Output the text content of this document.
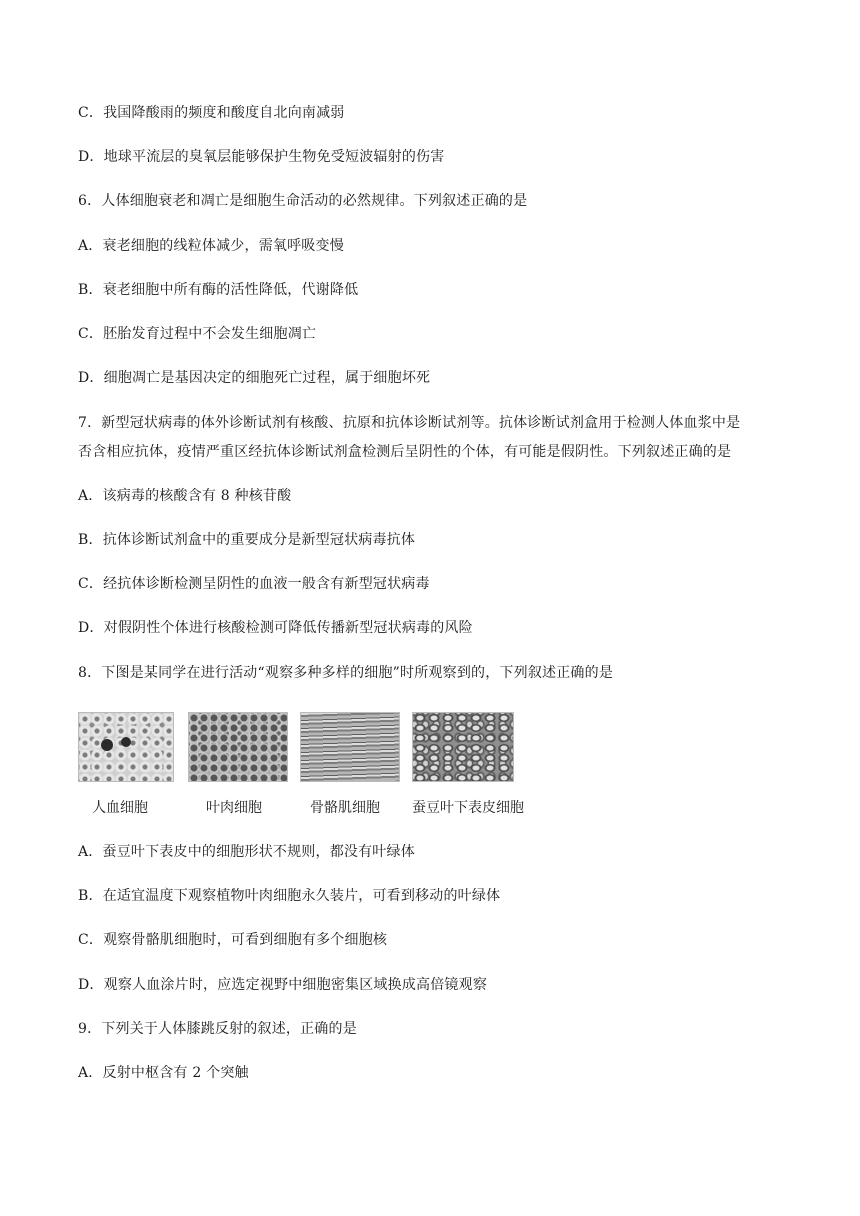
C．我国降酸雨的频度和酸度自北向南减弱
D．地球平流层的臭氧层能够保护生物免受短波辐射的伤害
6．人体细胞衰老和凋亡是细胞生命活动的必然规律。下列叙述正确的是
A．衰老细胞的线粒体减少，需氧呼吸变慢
B．衰老细胞中所有酶的活性降低，代谢降低
C．胚胎发育过程中不会发生细胞凋亡
D．细胞凋亡是基因决定的细胞死亡过程，属于细胞坏死
7．新型冠状病毒的体外诊断试剂有核酸、抗原和抗体诊断试剂等。抗体诊断试剂盒用于检测人体血浆中是
否含相应抗体，疫情严重区经抗体诊断试剂盒检测后呈阴性的个体，有可能是假阴性。下列叙述正确的是
A．该病毒的核酸含有 8 种核苷酸
B．抗体诊断试剂盒中的重要成分是新型冠状病毒抗体
C．经抗体诊断检测呈阴性的血液一般含有新型冠状病毒
D．对假阴性个体进行核酸检测可降低传播新型冠状病毒的风险
8．下图是某同学在进行活动“观察多种多样的细胞”时所观察到的，下列叙述正确的是
人血细胞	叶肉细胞	骨骼肌细胞 蚕豆叶下表皮细胞
A．蚕豆叶下表皮中的细胞形状不规则，都没有叶绿体
B．在适宜温度下观察植物叶肉细胞永久装片，可看到移动的叶绿体
C．观察骨骼肌细胞时，可看到细胞有多个细胞核
D．观察人血涂片时，应选定视野中细胞密集区域换成高倍镜观察
9．下列关于人体膝跳反射的叙述，正确的是
A．反射中枢含有 2 个突触
